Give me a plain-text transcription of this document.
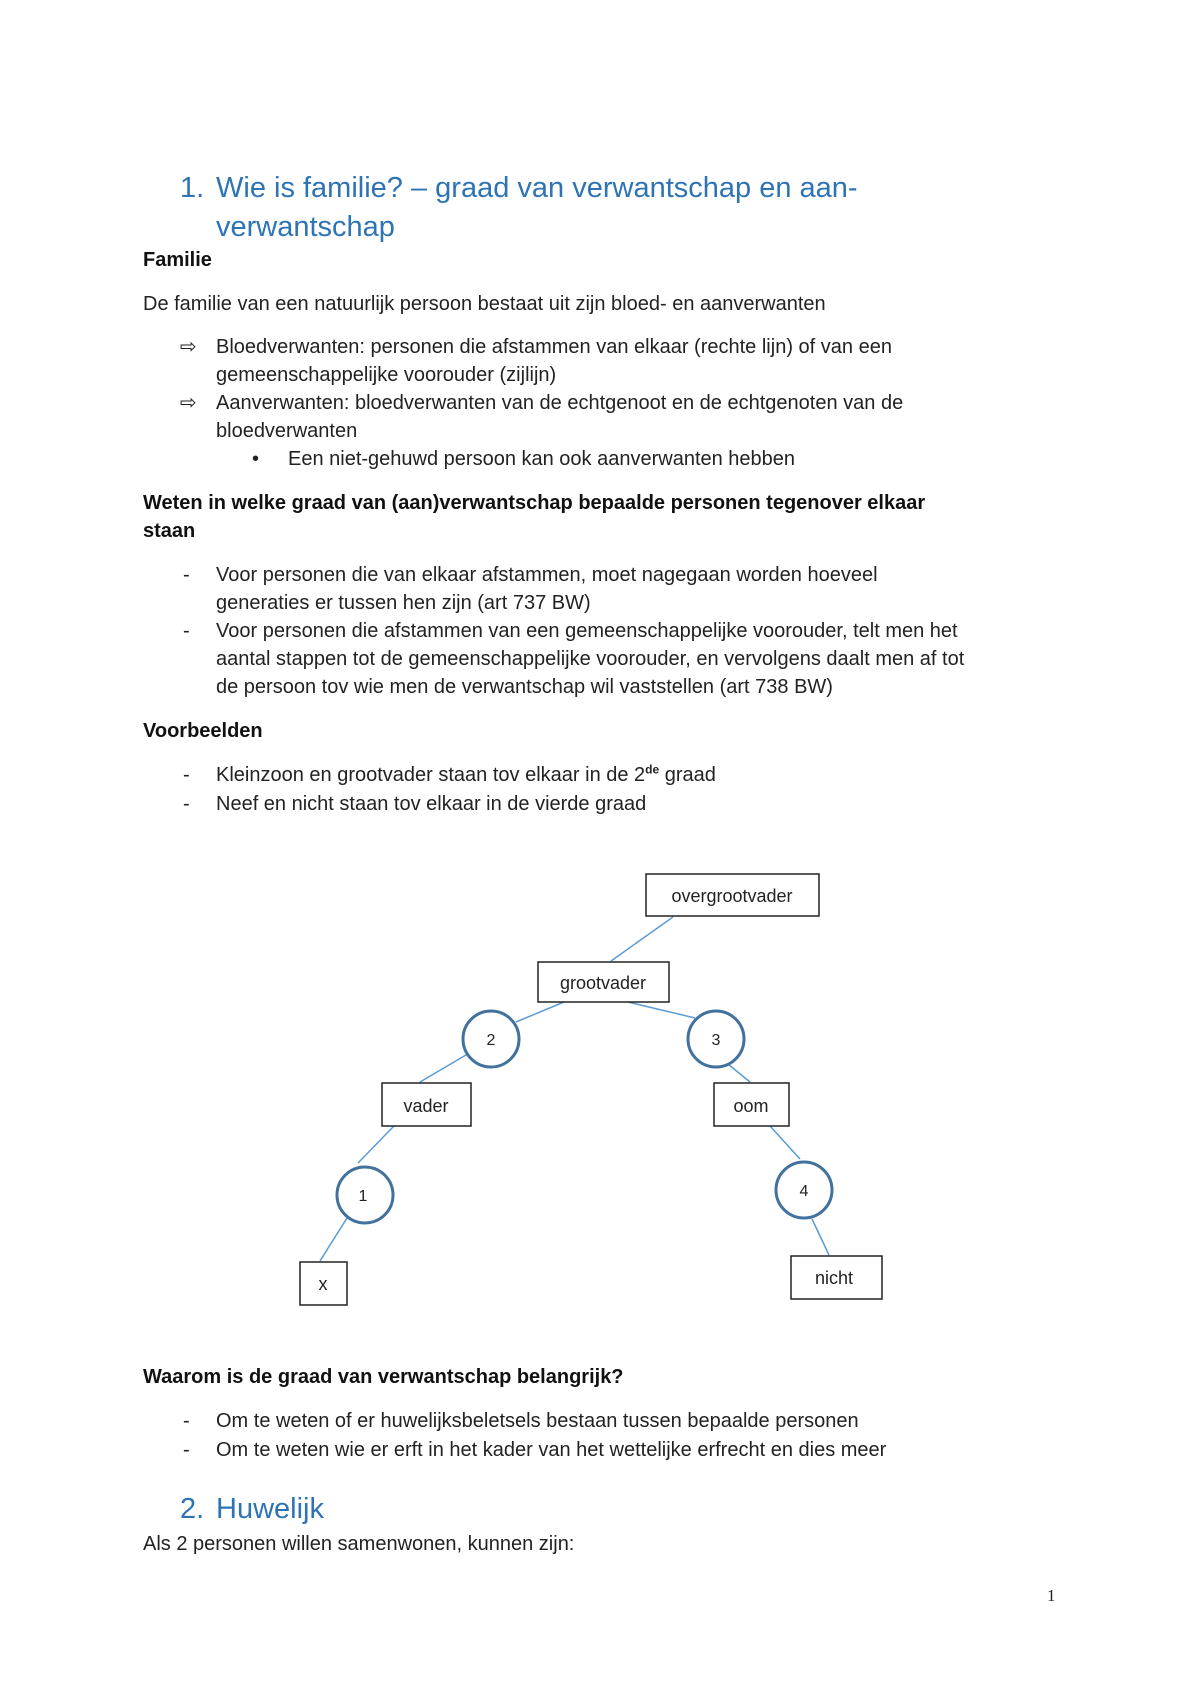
1. Wie is familie? – graad van verwantschap en aan-
verwantschap
Familie
De familie van een natuurlijk persoon bestaat uit zijn bloed- en aanverwanten
⇨ Bloedverwanten: personen die afstammen van elkaar (rechte lijn) of van een
gemeenschappelijke voorouder (zijlijn)
⇨ Aanverwanten: bloedverwanten van de echtgenoot en de echtgenoten van de
bloedverwanten
• Een niet-gehuwd persoon kan ook aanverwanten hebben
Weten in welke graad van (aan)verwantschap bepaalde personen tegenover elkaar
staan
- Voor personen die van elkaar afstammen, moet nagegaan worden hoeveel
generaties er tussen hen zijn (art 737 BW)
- Voor personen die afstammen van een gemeenschappelijke voorouder, telt men het
aantal stappen tot de gemeenschappelijke voorouder, en vervolgens daalt men af tot
de persoon tov wie men de verwantschap wil vaststellen (art 738 BW)
Voorbeelden
- Kleinzoon en grootvader staan tov elkaar in de 2de graad
- Neef en nicht staan tov elkaar in de vierde graad
overgrootvader
grootvader
vader	oom
x	nicht
2	3
1	4
Waarom is de graad van verwantschap belangrijk?
- Om te weten of er huwelijksbeletsels bestaan tussen bepaalde personen
- Om te weten wie er erft in het kader van het wettelijke erfrecht en dies meer
2. Huwelijk
Als 2 personen willen samenwonen, kunnen zijn:
1
